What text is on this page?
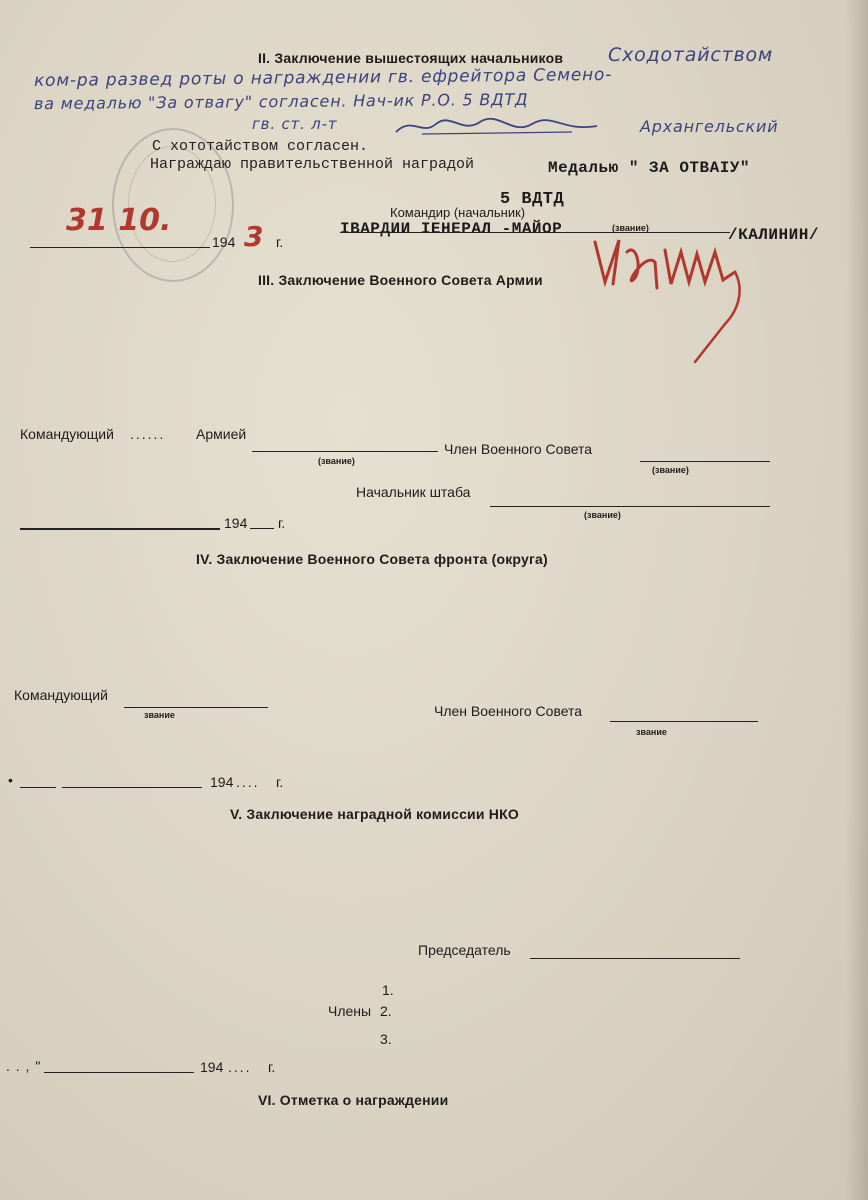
II. Заключение вышестоящих начальников Сходотайством
ком-ра развед роты о награждении гв. ефрейтора Семено-
ва медалью "За отвагу" согласен. Нач-ик Р.О. 5 ВДТД
гв. ст. л-т	Архангельский
С хототайством согласен.
Награждаю правительственной наградой	Медалью " ЗА ОТВАIУ"
5 ВДТД
Командир (начальник)
31 10.
194 3 г.
IВАРДИИ IЕНЕРАЛ -МАЙОР	(звание)	/КАЛИНИН/
III. Заключение Военного Совета Армии
Командующий ...... Армией
(звание)
Член Военного Совета
(звание)
Начальник штаба
(звание)
194 г.
IV. Заключение Военного Совета фронта (округа)
Командующий
звание	Член Военного Совета
звание
•	194 .... г.
V. Заключение наградной комиссии НКО
Председатель
1.
Члены 2.
3.
. . , "	194 .... г.
VI. Отметка о награждении
